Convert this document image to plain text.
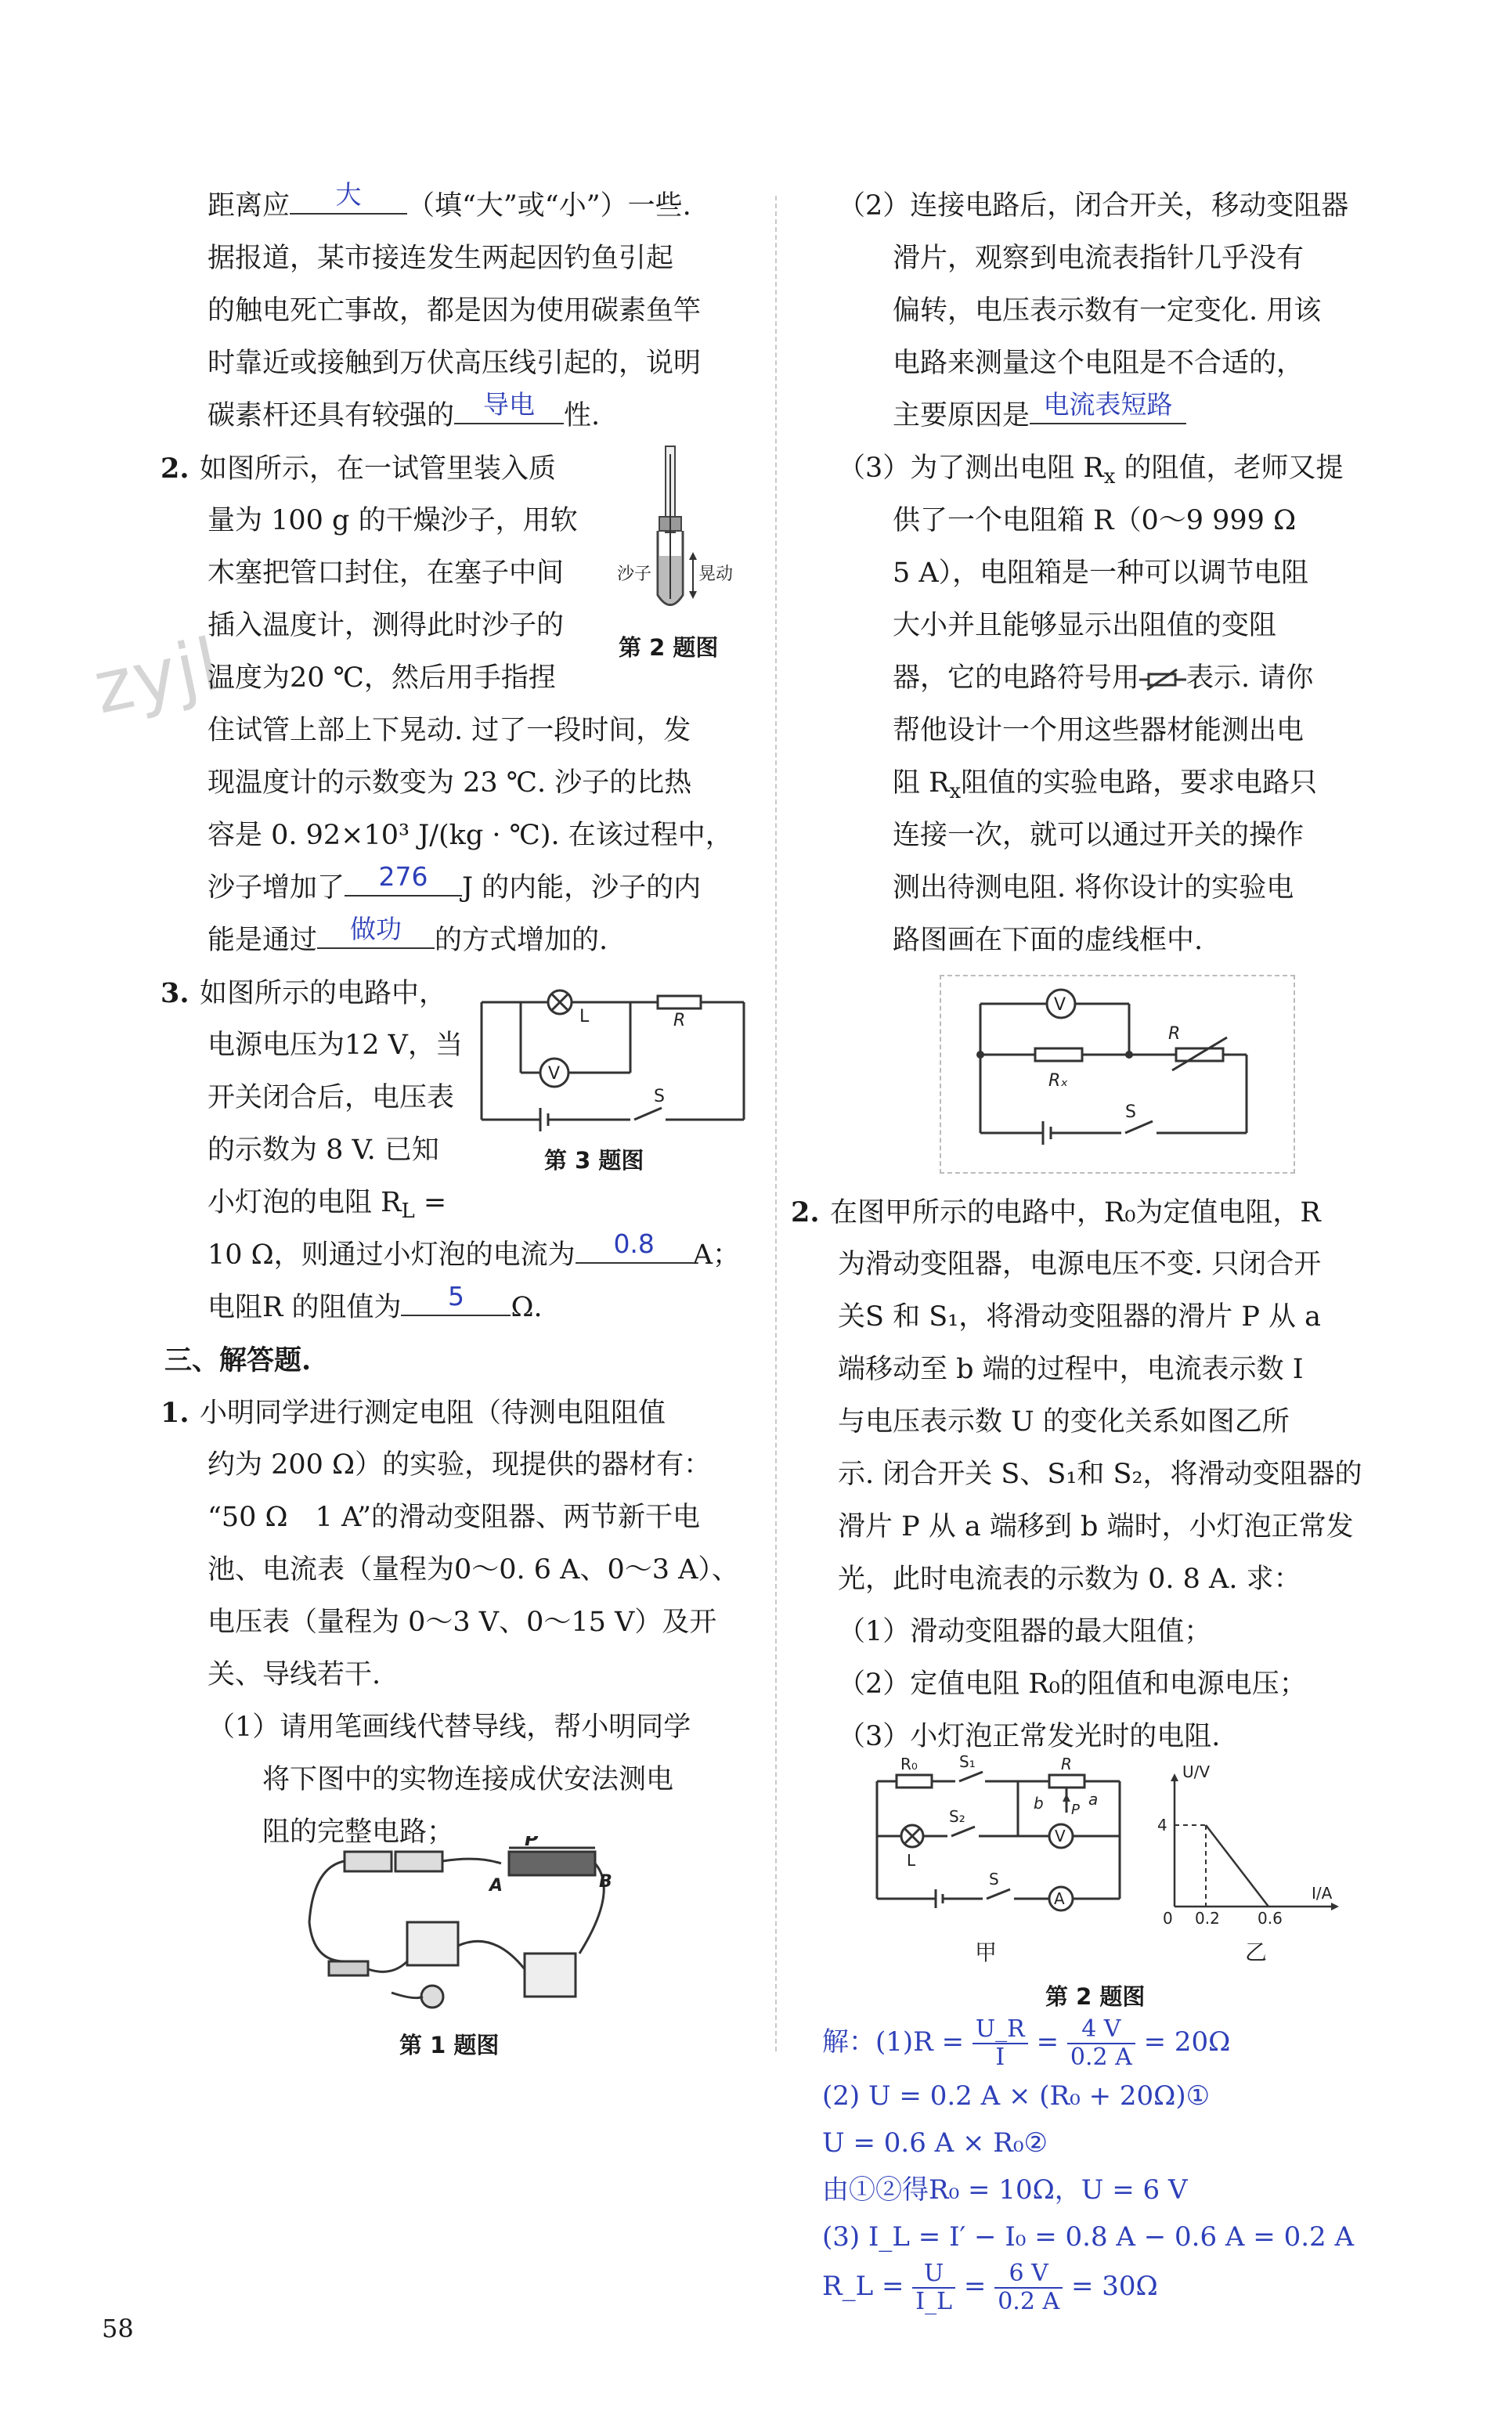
zyjl
距离应	大	（填“大”或“小”）一些.
据报道，某市接连发生两起因钓鱼引起
的触电死亡事故，都是因为使用碳素鱼竿
时靠近或接触到万伏高压线引起的，说明
碳素杆还具有较强的	导电	性.
2. 如图所示，在一试管里装入质
量为 100 g 的干燥沙子，用软
木塞把管口封住，在塞子中间
插入温度计，测得此时沙子的
温度为20 ℃，然后用手指捏
住试管上部上下晃动. 过了一段时间，发
现温度计的示数变为 23 ℃. 沙子的比热
容是 0. 92×10³ J/(kg · ℃). 在该过程中，
沙子增加了	276	J 的内能，沙子的内
能是通过	做功	的方式增加的.
3. 如图所示的电路中，
电源电压为12 V，当
开关闭合后，电压表
的示数为 8 V. 已知
小灯泡的电阻 $R_L$ =
10 Ω，则通过小灯泡的电流为	0.8	A；
电阻R 的阻值为	5	Ω.
三、解答题.
1. 小明同学进行测定电阻（待测电阻阻值
约为 200 Ω）的实验，现提供的器材有：
“50 Ω　1 A”的滑动变阻器、两节新干电
池、电流表（量程为0～0. 6 A、0～3 A）、
电压表（量程为 0～3 V、0～15 V）及开
关、导线若干.
（1）请用笔画线代替导线，帮小明同学
将下图中的实物连接成伏安法测电
阻的完整电路；
沙子	晃动
第 2 题图
L	R
V
S
第 3 题图
P
A	B
第 1 题图
（2）连接电路后，闭合开关，移动变阻器
滑片，观察到电流表指针几乎没有
偏转，电压表示数有一定变化. 用该
电路来测量这个电阻是不合适的，
主要原因是 电流表短路
（3）为了测出电阻 $R_x$ 的阻值，老师又提
供了一个电阻箱 R（0～9 999 Ω
5 A），电阻箱是一种可以调节电阻
大小并且能够显示出阻值的变阻
器，它的电路符号用 表示. 请你
帮他设计一个用这些器材能测出电
阻 $R_x$阻值的实验电路，要求电路只
连接一次，就可以通过开关的操作
测出待测电阻. 将你设计的实验电
路图画在下面的虚线框中.
V
R
Rₓ
S
2. 在图甲所示的电路中，R₀为定值电阻，R
为滑动变阻器，电源电压不变. 只闭合开
关S 和 S₁，将滑动变阻器的滑片 P 从 a
端移动至 b 端的过程中，电流表示数 I
与电压表示数 U 的变化关系如图乙所
示. 闭合开关 S、S₁和 S₂，将滑动变阻器的
滑片 P 从 a 端移到 b 端时，小灯泡正常发
光，此时电流表的示数为 0. 8 A. 求：
（1）滑动变阻器的最大阻值；
（2）定值电阻 R₀的阻值和电源电压；
（3）小灯泡正常发光时的电阻.
R₀	S₁
S₂
R
b	a
P
L
V
S
A
甲
U/V
I/A
4
0 0.2 0.6
乙
第 2 题图
解：$(1)R = \frac{U\_R}{I} = \frac{4 V}{0.2 A} = 20\Omega$
(2) U = 0.2 A × (R₀ + 20Ω)①
U = 0.6 A × R₀②
由①②得R₀ = 10Ω，U = 6 V
(3) I_L = I′ − I₀ = 0.8 A − 0.6 A = 0.2 A
R_L = $\frac{U}{I\_L} = \frac{6 V}{0.2 A} = 30\Omega$
58
